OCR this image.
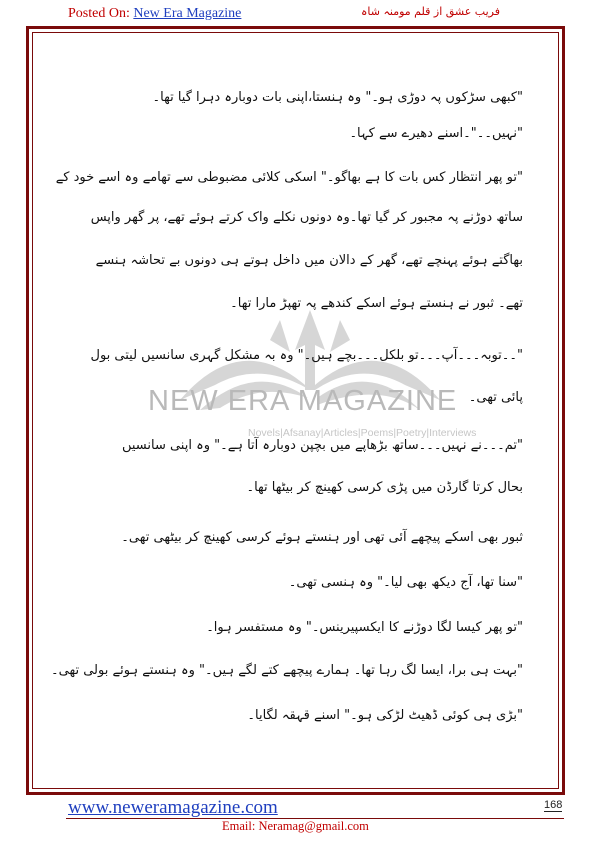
Posted On: New Era Magazine	فریب عشق از قلم مومنہ شاہ
NEW ERA MAGAZINE
Novels|Afsanay|Articles|Poems|Poetry|Interviews
"کبھی سڑکوں پہ دوڑی ہو۔" وہ ہنستا،اپنی بات دوبارہ دہرا گیا تھا۔
"نہیں۔۔"۔اسنے دھیرے سے کہا۔
"تو پھر انتظار کس بات کا ہے بھاگو۔" اسکی کلائی مضبوطی سے تھامے وہ اسے خود کے
ساتھ دوڑنے پہ مجبور کر گیا تھا۔وہ دونوں نکلے واک کرتے ہوئے تھے، پر گھر واپس
بھاگتے ہوئے پہنچے تھے، گھر کے دالان میں داخل ہوتے ہی دونوں بے تحاشہ ہنسے
تھے۔ ثبور نے ہنستے ہوئے اسکے کندھے پہ تھپڑ مارا تھا۔
"۔۔توبہ۔۔۔آپ۔۔۔تو بلکل۔۔۔بچے ہیں۔" وہ بہ مشکل گہری سانسیں لیتی بول
پائی تھی۔
"تم۔۔۔نے نہیں۔۔۔ساتھ بڑھاپے میں بچپن دوبارہ آتا ہے۔" وہ اپنی سانسیں
بحال کرتا گارڈن میں پڑی کرسی کھینچ کر بیٹھا تھا۔
ثبور بھی اسکے پیچھے آئی تھی اور ہنستے ہوئے کرسی کھینچ کر بیٹھی تھی۔
"سنا تھا، آج دیکھ بھی لیا۔" وہ ہنسی تھی۔
"تو پھر کیسا لگا دوڑنے کا ایکسپیرینس۔" وہ مستفسر ہوا۔
"بہت ہی برا، ایسا لگ رہا تھا۔ ہمارے پیچھے کتے لگے ہیں۔" وہ ہنستے ہوئے بولی تھی۔
"بڑی ہی کوئی ڈھیٹ لڑکی ہو۔" اسنے قہقہ لگایا۔
www.neweramagazine.com	168
Email: Neramag@gmail.com
